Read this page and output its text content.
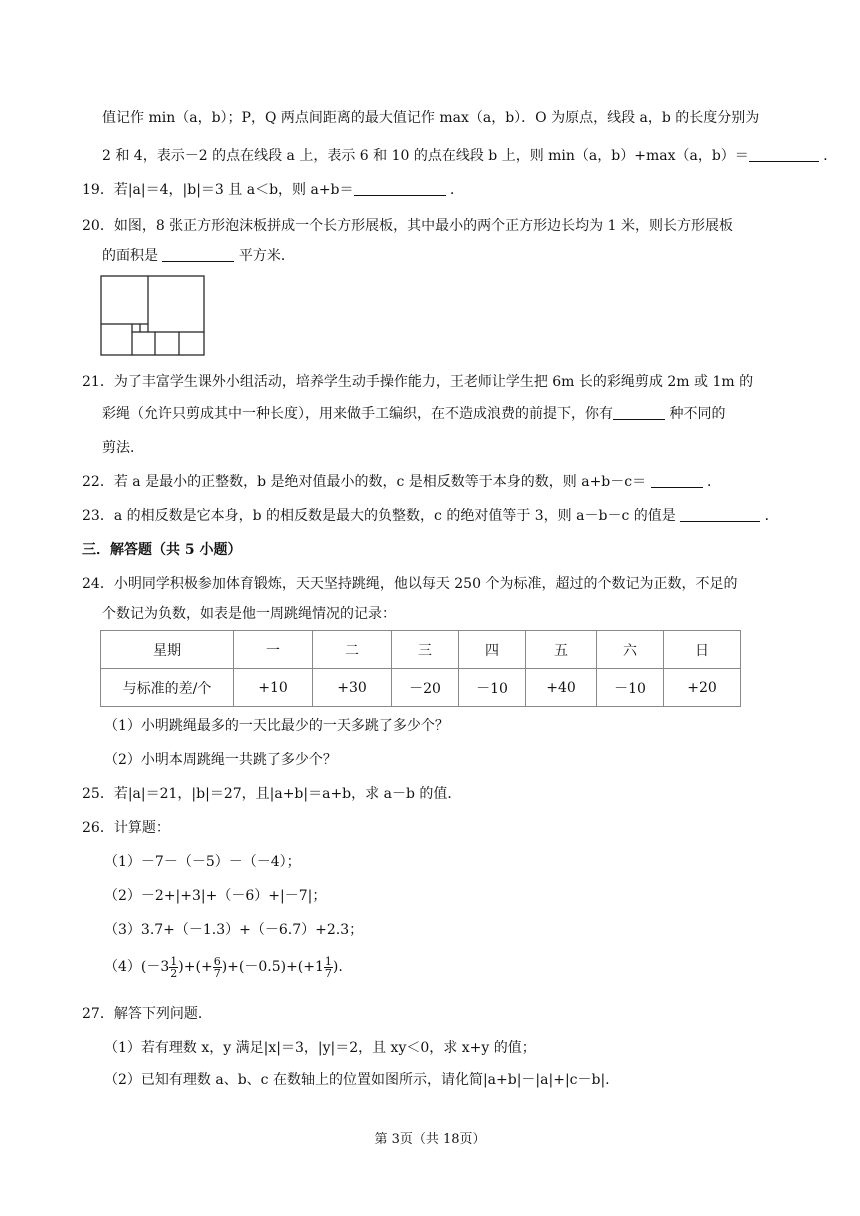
值记作 min（a，b）；P，Q 两点间距离的最大值记作 max（a，b）．O 为原点，线段 a，b 的长度分别为
2 和 4，表示－2 的点在线段 a 上，表示 6 和 10 的点在线段 b 上，则 min（a，b）+max（a，b）＝	．
19．若|a|＝4，|b|＝3 且 a＜b，则 a+b＝	．
20．如图，8 张正方形泡沫板拼成一个长方形展板，其中最小的两个正方形边长均为 1 米，则长方形展板
的面积是	平方米．
21．为了丰富学生课外小组活动，培养学生动手操作能力，王老师让学生把 6m 长的彩绳剪成 2m 或 1m 的
彩绳（允许只剪成其中一种长度），用来做手工编织，在不造成浪费的前提下，你有	种不同的
剪法．
22．若 a 是最小的正整数，b 是绝对值最小的数，c 是相反数等于本身的数，则 a+b－c＝	．
23．a 的相反数是它本身，b 的相反数是最大的负整数，c 的绝对值等于 3，则 a－b－c 的值是	．
三．解答题（共 5 小题）
24．小明同学积极参加体育锻炼，天天坚持跳绳，他以每天 250 个为标准，超过的个数记为正数，不足的
个数记为负数，如表是他一周跳绳情况的记录：
星期	一	二	三	四	五	六	日
与标准的差/个	+10	+30	－20	－10	+40	－10	+20
（1）小明跳绳最多的一天比最少的一天多跳了多少个？
（2）小明本周跳绳一共跳了多少个？
25．若|a|＝21，|b|＝27，且|a+b|＝a+b，求 a－b 的值．
26．计算题：
（1）－7－（－5）－（－4）；
（2）－2+|+3|+（－6）+|－7|；
（3）3.7+（－1.3）+（－6.7）+2.3；
$(4)(-3 \frac{1}{2}$ )+(+ $\frac{6}{7} )+(-0.5)+(+1 \frac{1}{7}$ ).
27．解答下列问题．
（1）若有理数 x，y 满足|x|＝3，|y|＝2，且 xy＜0，求 x+y 的值；
（2）已知有理数 a、b、c 在数轴上的位置如图所示，请化简|a+b|－|a|+|c－b|.
第 3页（共 18页）
